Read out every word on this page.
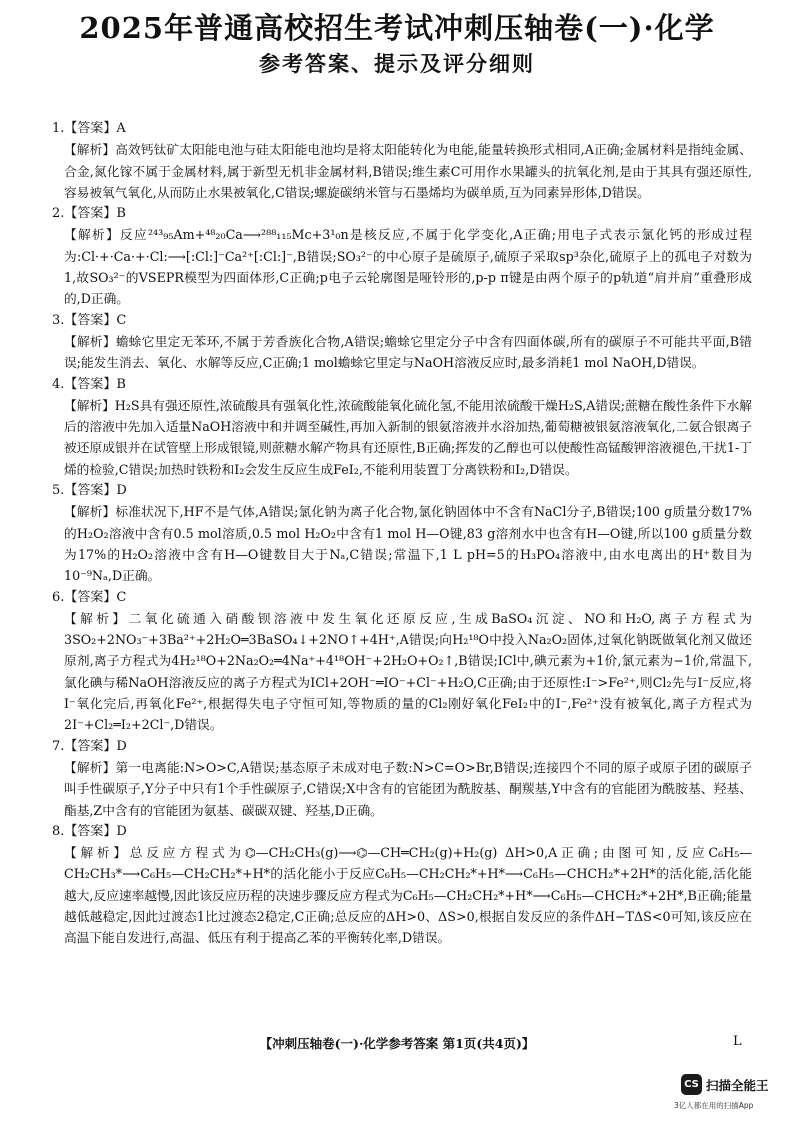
2025年普通高校招生考试冲刺压轴卷(一)·化学
参考答案、提示及评分细则
1.【答案】A
【解析】高效钙钛矿太阳能电池与硅太阳能电池均是将太阳能转化为电能,能量转换形式相同,A正确;金属材料是指纯金属、合金,氮化镓不属于金属材料,属于新型无机非金属材料,B错误;维生素C可用作水果罐头的抗氧化剂,是由于其具有强还原性,容易被氧气氧化,从而防止水果被氧化,C错误;螺旋碳纳米管与石墨烯均为碳单质,互为同素异形体,D错误。
2.【答案】B
【解析】反应²⁴³₉₅Am+⁴⁸₂₀Ca⟶²⁸⁸₁₁₅Mc+3¹₀n是核反应,不属于化学变化,A正确;用电子式表示氯化钙的形成过程为:Cl·+·Ca·+·Cl:⟶[:Cl:]⁻Ca²⁺[:Cl:]⁻,B错误;SO₃²⁻的中心原子是硫原子,硫原子采取sp³杂化,硫原子上的孤电子对数为1,故SO₃²⁻的VSEPR模型为四面体形,C正确;p电子云轮廓图是哑铃形的,p-p π键是由两个原子的p轨道“肩并肩”重叠形成的,D正确。
3.【答案】C
【解析】蟾蜍它里定无苯环,不属于芳香族化合物,A错误;蟾蜍它里定分子中含有四面体碳,所有的碳原子不可能共平面,B错误;能发生消去、氧化、水解等反应,C正确;1 mol蟾蜍它里定与NaOH溶液反应时,最多消耗1 mol NaOH,D错误。
4.【答案】B
【解析】H₂S具有强还原性,浓硫酸具有强氧化性,浓硫酸能氧化硫化氢,不能用浓硫酸干燥H₂S,A错误;蔗糖在酸性条件下水解后的溶液中先加入适量NaOH溶液中和并调至碱性,再加入新制的银氨溶液并水浴加热,葡萄糖被银氨溶液氧化,二氨合银离子被还原成银并在试管壁上形成银镜,则蔗糖水解产物具有还原性,B正确;挥发的乙醇也可以使酸性高锰酸钾溶液褪色,干扰1-丁烯的检验,C错误;加热时铁粉和I₂会发生反应生成FeI₂,不能利用装置丁分离铁粉和I₂,D错误。
5.【答案】D
【解析】标准状况下,HF不是气体,A错误;氯化钠为离子化合物,氯化钠固体中不含有NaCl分子,B错误;100 g质量分数17%的H₂O₂溶液中含有0.5 mol溶质,0.5 mol H₂O₂中含有1 mol H—O键,83 g溶剂水中也含有H—O键,所以100 g质量分数为17%的H₂O₂溶液中含有H—O键数目大于Nₐ,C错误;常温下,1 L pH=5的H₃PO₄溶液中,由水电离出的H⁺数目为10⁻⁹Nₐ,D正确。
6.【答案】C
【解析】二氧化硫通入硝酸钡溶液中发生氧化还原反应,生成BaSO₄沉淀、NO和H₂O,离子方程式为3SO₂+2NO₃⁻+3Ba²⁺+2H₂O═3BaSO₄↓+2NO↑+4H⁺,A错误;向H₂¹⁸O中投入Na₂O₂固体,过氧化钠既做氧化剂又做还原剂,离子方程式为4H₂¹⁸O+2Na₂O₂═4Na⁺+4¹⁸OH⁻+2H₂O+O₂↑,B错误;ICl中,碘元素为+1价,氯元素为−1价,常温下,氯化碘与稀NaOH溶液反应的离子方程式为ICl+2OH⁻═IO⁻+Cl⁻+H₂O,C正确;由于还原性:I⁻>Fe²⁺,则Cl₂先与I⁻反应,将I⁻氧化完后,再氧化Fe²⁺,根据得失电子守恒可知,等物质的量的Cl₂刚好氧化FeI₂中的I⁻,Fe²⁺没有被氧化,离子方程式为2I⁻+Cl₂═I₂+2Cl⁻,D错误。
7.【答案】D
【解析】第一电离能:N>O>C,A错误;基态原子未成对电子数:N>C=O>Br,B错误;连接四个不同的原子或原子团的碳原子叫手性碳原子,Y分子中只有1个手性碳原子,C错误;X中含有的官能团为酰胺基、酮羰基,Y中含有的官能团为酰胺基、羟基、酯基,Z中含有的官能团为氨基、碳碳双键、羟基,D正确。
8.【答案】D
【解析】总反应方程式为⌬—CH₂CH₃(g)⟶⌬—CH═CH₂(g)+H₂(g) ΔH>0,A正确;由图可知,反应C₆H₅—CH₂CH₃*⟶C₆H₅—CH₂CH₂*+H*的活化能小于反应C₆H₅—CH₂CH₂*+H*⟶C₆H₅—CHCH₂*+2H*的活化能,活化能越大,反应速率越慢,因此该反应历程的决速步骤反应方程式为C₆H₅—CH₂CH₂*+H*⟶C₆H₅—CHCH₂*+2H*,B正确;能量越低越稳定,因此过渡态1比过渡态2稳定,C正确;总反应的ΔH>0、ΔS>0,根据自发反应的条件ΔH−TΔS<0可知,该反应在高温下能自发进行,高温、低压有利于提高乙苯的平衡转化率,D错误。
【冲刺压轴卷(一)·化学参考答案 第1页(共4页)】	L
CS 扫描全能王
3亿人都在用的扫描App
